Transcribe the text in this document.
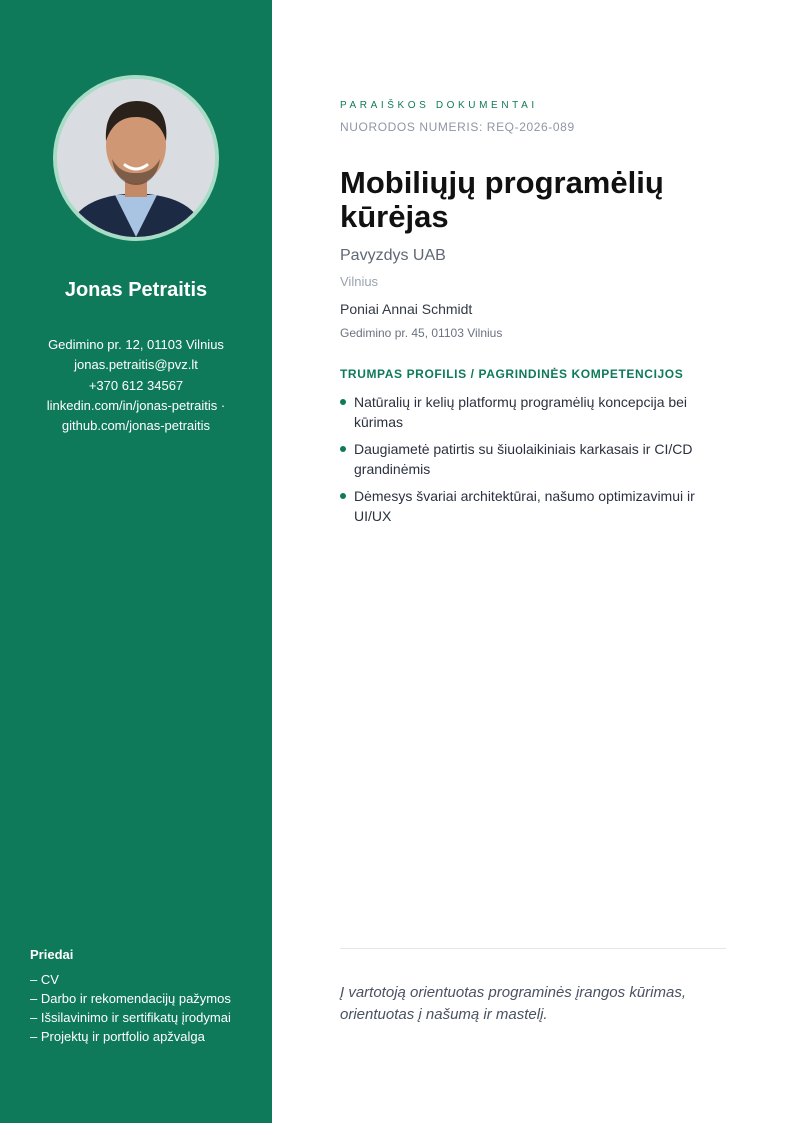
Jonas Petraitis
Gedimino pr. 12, 01103 Vilnius
jonas.petraitis@pvz.lt
+370 612 34567
linkedin.com/in/jonas-petraitis ·
github.com/jonas-petraitis
Priedai
– CV
– Darbo ir rekomendacijų pažymos
– Išsilavinimo ir sertifikatų įrodymai
– Projektų ir portfolio apžvalga
PARAIŠKOS DOKUMENTAI
NUORODOS NUMERIS: REQ-2026-089
Mobiliųjų programėlių kūrėjas
Pavyzdys UAB
Vilnius
Poniai Annai Schmidt
Gedimino pr. 45, 01103 Vilnius
TRUMPAS PROFILIS / PAGRINDINĖS KOMPETENCIJOS
Natūralių ir kelių platformų programėlių koncepcija bei kūrimas
Daugiametė patirtis su šiuolaikiniais karkasais ir CI/CD grandinėmis
Dėmesys švariai architektūrai, našumo optimizavimui ir UI/UX
Į vartotoją orientuotas programinės įrangos kūrimas, orientuotas į našumą ir mastelį.
